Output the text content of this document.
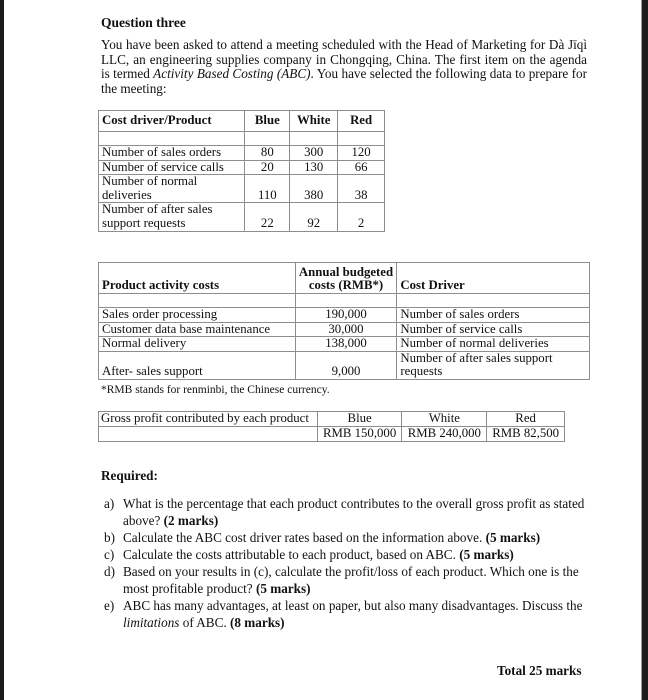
Question three

You have been asked to attend a meeting scheduled with the Head of Marketing for Dà Jīqì LLC, an engineering supplies company in Chongqing, China. The first item on the agenda is termed Activity Based Costing (ABC). You have selected the following data to prepare for the meeting:

Cost driver/Product	Blue	White	Red

Number of sales orders	80	300	120
Number of service calls	20	130	66
Number of normal
deliveries	110	380	38
Number of after sales
support requests	22	92	2
Product activity costs	Annual budgeted
costs (RMB*)	Cost Driver

Sales order processing	190,000	Number of sales orders
Customer data base maintenance	30,000	Number of service calls
Normal delivery	138,000	Number of normal deliveries
After- sales support	9,000	Number of after sales support
requests
*RMB stands for renminbi, the Chinese currency.
Gross profit contributed by each product	Blue	White	Red
	RMB 150,000	RMB 240,000	RMB 82,500
Required:
a) What is the percentage that each product contributes to the overall gross profit as stated above? (2 marks)
b) Calculate the ABC cost driver rates based on the information above. (5 marks)
c) Calculate the costs attributable to each product, based on ABC. (5 marks)
d) Based on your results in (c), calculate the profit/loss of each product. Which one is the most profitable product? (5 marks)
e) ABC has many advantages, at least on paper, but also many disadvantages. Discuss the limitations of ABC. (8 marks)
Total 25 marks
